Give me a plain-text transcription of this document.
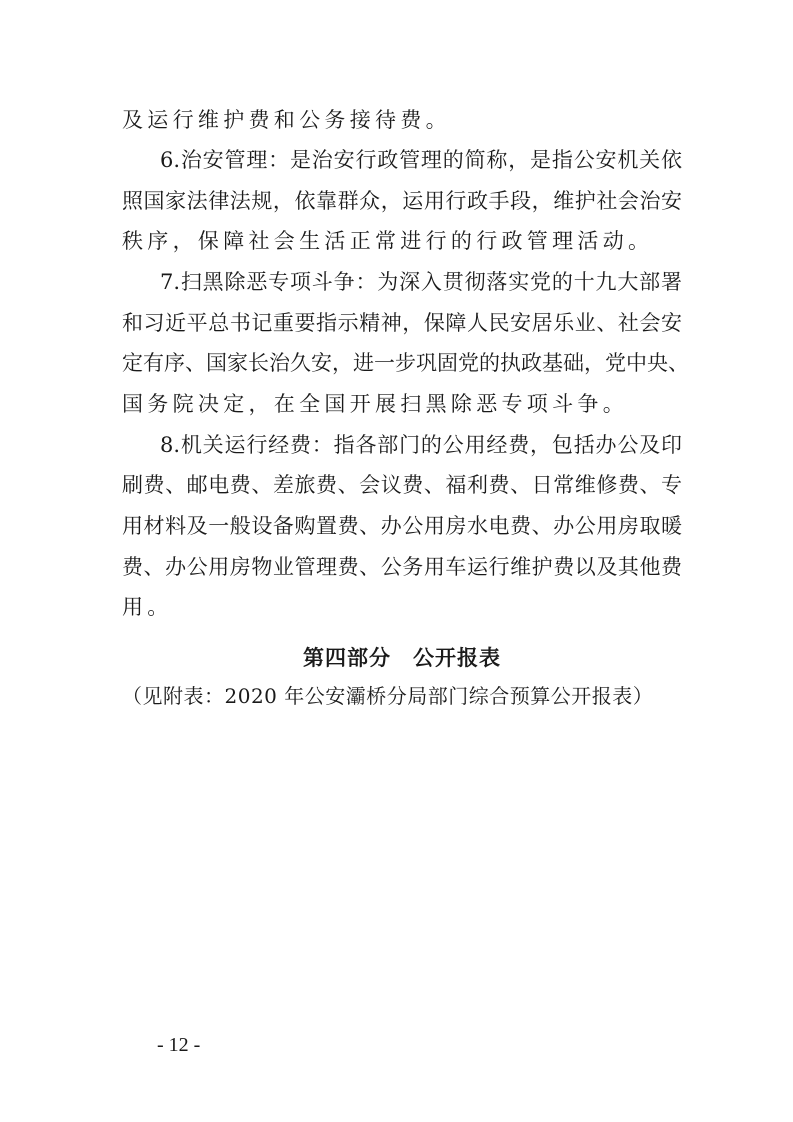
及运行维护费和公务接待费。
6.治安管理：是治安行政管理的简称，是指公安机关依
照国家法律法规，依靠群众，运用行政手段，维护社会治安
秩序，保障社会生活正常进行的行政管理活动。
7.扫黑除恶专项斗争：为深入贯彻落实党的十九大部署
和习近平总书记重要指示精神，保障人民安居乐业、社会安
定有序、国家长治久安，进一步巩固党的执政基础，党中央、
国务院决定，在全国开展扫黑除恶专项斗争。
8.机关运行经费：指各部门的公用经费，包括办公及印
刷费、邮电费、差旅费、会议费、福利费、日常维修费、专
用材料及一般设备购置费、办公用房水电费、办公用房取暖
费、办公用房物业管理费、公务用车运行维护费以及其他费
用。
第四部分　公开报表
（见附表：2020 年公安灞桥分局部门综合预算公开报表）
- 12 -
